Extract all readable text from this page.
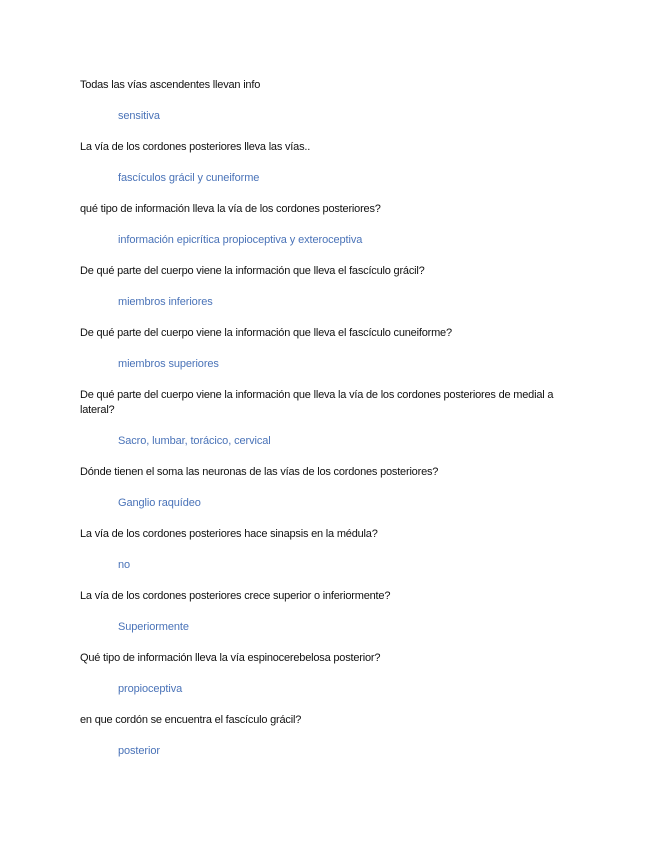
Todas las vías ascendentes llevan info

sensitiva

La vía de los cordones posteriores lleva las vías..

fascículos grácil y cuneiforme

qué tipo de información lleva la vía de los cordones posteriores?

información epicrítica propioceptiva y exteroceptiva

De qué parte del cuerpo viene la información que lleva el fascículo grácil?

miembros inferiores

De qué parte del cuerpo viene la información que lleva el fascículo cuneiforme?

miembros superiores

De qué parte del cuerpo viene la información que lleva la vía de los cordones posteriores de medial a lateral?

Sacro, lumbar, torácico, cervical

Dónde tienen el soma las neuronas de las vías de los cordones posteriores?

Ganglio raquídeo

La vía de los cordones posteriores hace sinapsis en la médula?

no

La vía de los cordones posteriores crece superior o inferiormente?

Superiormente

Qué tipo de información lleva la vía espinocerebelosa posterior?

propioceptiva

en que cordón se encuentra el fascículo grácil?

posterior
